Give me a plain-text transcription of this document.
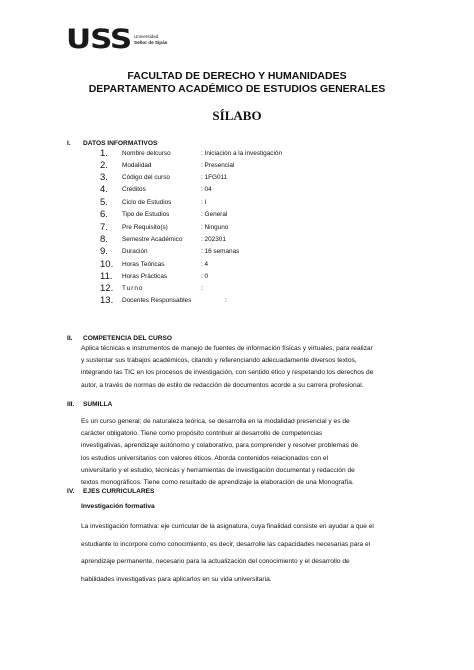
USS Universidad
Señor de Sipán
FACULTAD DE DERECHO Y HUMANIDADES
DEPARTAMENTO ACADÉMICO DE ESTUDIOS GENERALES
SÍLABO
I.	DATOS INFORMATIVOS
1.	Nombre delcurso	: Iniciación a la investigación
2.	Modalidad	: Presencial
3.	Código del curso	: 1FG011
4.	Créditos	: 04
5.	Ciclo de Estudios	: I
6.	Tipo de Estudios	: General
7.	Pre Requisito(s)	: Ninguno
8.	Semestre Académico	: 202301
9.	Duración	: 16 semanas
10.	Horas Teóricas	: 4
11.	Horas Prácticas	: 0
12.	Turno	:
13.	Docentes Responsables	:
II.	COMPETENCIA DEL CURSO
Aplica técnicas e instrumentos de manejo de fuentes de información físicas y virtuales, para realizar
y sustentar sus trabajos académicos, citando y referenciando adecuadamente diversos textos,
integrando las TIC en los procesos de investigación, con sentido ético y respetando los derechos de
autor, a través de normas de estilo de redacción de documentos acorde a su carrera profesional.
III.	SUMILLA
Es un curso general; de naturaleza teórica, se desarrolla en la modalidad presencial y es de
carácter obligatorio. Tiene como propósito contribuir al desarrollo de competencias
investigativas, aprendizaje autónomo y colaborativo, para comprender y resolver problemas de
los estudios universitarios con valores éticos. Aborda contenidos relacionados con el
universitario y el estudio, técnicas y herramientas de investigación documental y redacción de
textos monográficos. Tiene como resultado de aprendizaje la elaboración de una Monografía.
IV.	EJES CURRICULARES
Investigación formativa
La investigación formativa: eje curricular de la asignatura, cuya finalidad consiste en ayudar a que el
estudiante lo incorpore como conocimiento, es decir, desarrolle las capacidades necesarias para el
aprendizaje permanente, necesario para la actualización del conocimiento y el desarrollo de
habilidades investigativas para aplicarlos en su vida universitaria.
